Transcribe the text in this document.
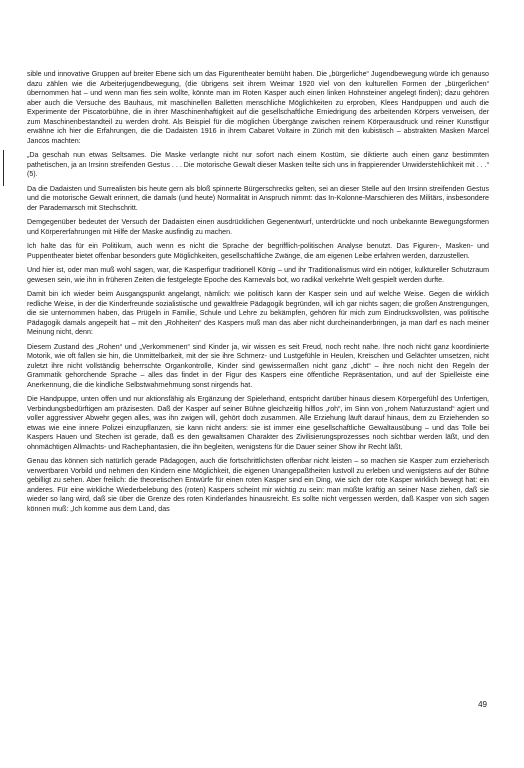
sible und innovative Gruppen auf breiter Ebene sich um das Figurentheater bemüht haben. Die „bürgerliche“ Jugendbewegung würde ich genauso dazu zählen wie die Arbeiterjugendbewegung, (die übrigens seit ihrem Weimar 1920 viel von den kulturellen Formen der „bürgerlichen“ übernommen hat – und wenn man fies sein wollte, könnte man im Roten Kasper auch einen linken Hohnsteiner angelegt finden); dazu gehören aber auch die Versuche des Bauhaus, mit maschinellen Balletten menschliche Möglichkeiten zu erproben, Klees Handpuppen und auch die Experimente der Piscatorbühne, die in ihrer Maschinenhaftigkeit auf die gesellschaftliche Erniedrigung des arbeitenden Körpers verweisen, der zum Maschinenbestandteil zu werden droht. Als Beispiel für die möglichen Übergänge zwischen reinem Körperausdruck und reiner Kunstfigur erwähne ich hier die Erfahrungen, die die Dadaisten 1916 in ihrem Cabaret Voltaire in Zürich mit den kubistisch – abstrakten Masken Marcel Jancos machten:

„Da geschah nun etwas Seltsames. Die Maske verlangte nicht nur sofort nach einem Kostüm, sie diktierte auch einen ganz bestimmten pathetischen, ja an Irrsinn streifenden Gestus . . . Die motorische Gewalt dieser Masken teilte sich uns in frappierender Unwiderstehlichkeit mit . . .“ (5).

Da die Dadaisten und Surrealisten bis heute gern als bloß spinnerte Bürgerschrecks gelten, sei an dieser Stelle auf den Irrsinn streifenden Gestus und die motorische Gewalt erinnert, die damals (und heute) Normalität in Anspruch nimmt: das In-Kolonne-Marschieren des Militärs, insbesondere der Parademarsch mit Stechschritt.

Demgegenüber bedeutet der Versuch der Dadaisten einen ausdrücklichen Gegenentwurf, unterdrückte und noch unbekannte Bewegungsformen und Körpererfahrungen mit Hilfe der Maske ausfindig zu machen.

Ich halte das für ein Politikum, auch wenn es nicht die Sprache der begrifflich-politischen Analyse benutzt. Das Figuren-, Masken- und Puppentheater bietet offenbar besonders gute Möglichkeiten, gesellschaftliche Zwänge, die am eigenen Leibe erfahren werden, darzustellen.

Und hier ist, oder man muß wohl sagen, war, die Kasperfigur traditionell König – und ihr Traditionalismus wird ein nötiger, kulktureller Schutzraum gewesen sein, wie ihn in früheren Zeiten die festgelegte Epoche des Karnevals bot, wo radikal verkehrte Welt gespielt werden durfte.

Damit bin ich wieder beim Ausgangspunkt angelangt, nämlich: wie politisch kann der Kasper sein und auf welche Weise. Gegen die wirklich redliche Weise, in der die Kinderfreunde sozialistische und gewaltfreie Pädagogik begründen, will ich gar nichts sagen; die großen Anstrengungen, die sie unternommen haben, das Prügeln in Familie, Schule und Lehre zu bekämpfen, gehören für mich zum Eindrucksvollsten, was politische Pädagogik damals angepeilt hat – mit den „Rohheiten“ des Kaspers muß man das aber nicht durcheinanderbringen, ja man darf es nach meiner Meinung nicht, denn:

Diesem Zustand des „Rohen“ und „Verkommenen“ sind Kinder ja, wir wissen es seit Freud, noch recht nahe. Ihre noch nicht ganz koordinierte Motorik, wie oft fallen sie hin, die Unmittelbarkeit, mit der sie ihre Schmerz- und Lustgefühle in Heulen, Kreischen und Gelächter umsetzen, nicht zuletzt ihre nicht vollständig beherrschte Organkontrolle, Kinder sind gewissermaßen nicht ganz „dicht“ – ihre noch nicht den Regeln der Grammatik gehorchende Sprache – alles das findet in der Figur des Kaspers eine öffentliche Repräsentation, und auf der Spielleiste eine Anerkennung, die die kindliche Selbstwahrnehmung sonst nirgends hat.

Die Handpuppe, unten offen und nur aktionsfähig als Ergänzung der Spielerhand, entspricht darüber hinaus diesem Körpergefühl des Unfertigen, Verbindungsbedürftigen am präzisesten. Daß der Kasper auf seiner Bühne gleichzeitig hilflos „roh“, im Sinn von „rohem Naturzustand“ agiert und voller aggressiver Abwehr gegen alles, was ihn zwigen will, gehört doch zusammen. Alle Erziehung läuft darauf hinaus, dem zu Erziehenden so etwas wie eine innere Polizei einzupflanzen, sie kann nicht anders: sie ist immer eine gesellschaftliche Gewaltausübung – und das Tolle bei Kaspers Hauen und Stechen ist gerade, daß es den gewaltsamen Charakter des Zivilisierungsprozesses noch sichtbar werden läßt, und den ohnmächtigen Allmachts- und Rachephantasien, die ihn begleiten, wenigstens für die Dauer seiner Show ihr Recht läßt.

Genau das können sich natürlich gerade Pädagogen, auch die fortschrittlichsten offenbar nicht leisten – so machen sie Kasper zum erzieherisch verwertbaren Vorbild und nehmen den Kindern eine Möglichkeit, die eigenen Unangepaßtheiten lustvoll zu erleben und wenigstens auf der Bühne gebilligt zu sehen. Aber freilich: die theoretischen Entwürfe für einen roten Kasper sind ein Ding, wie sich der rote Kasper wirklich bewegt hat: ein anderes. Für eine wirkliche Wiederbelebung des (roten) Kaspers scheint mir wichtig zu sein: man müßte kräftig an seiner Nase ziehen, daß sie wieder so lang wird, daß sie über die Grenze des roten Kinderlandes hinausreicht. Es sollte nicht vergessen werden, daß Kasper von sich sagen können muß: „Ich komme aus dem Land, das

49
